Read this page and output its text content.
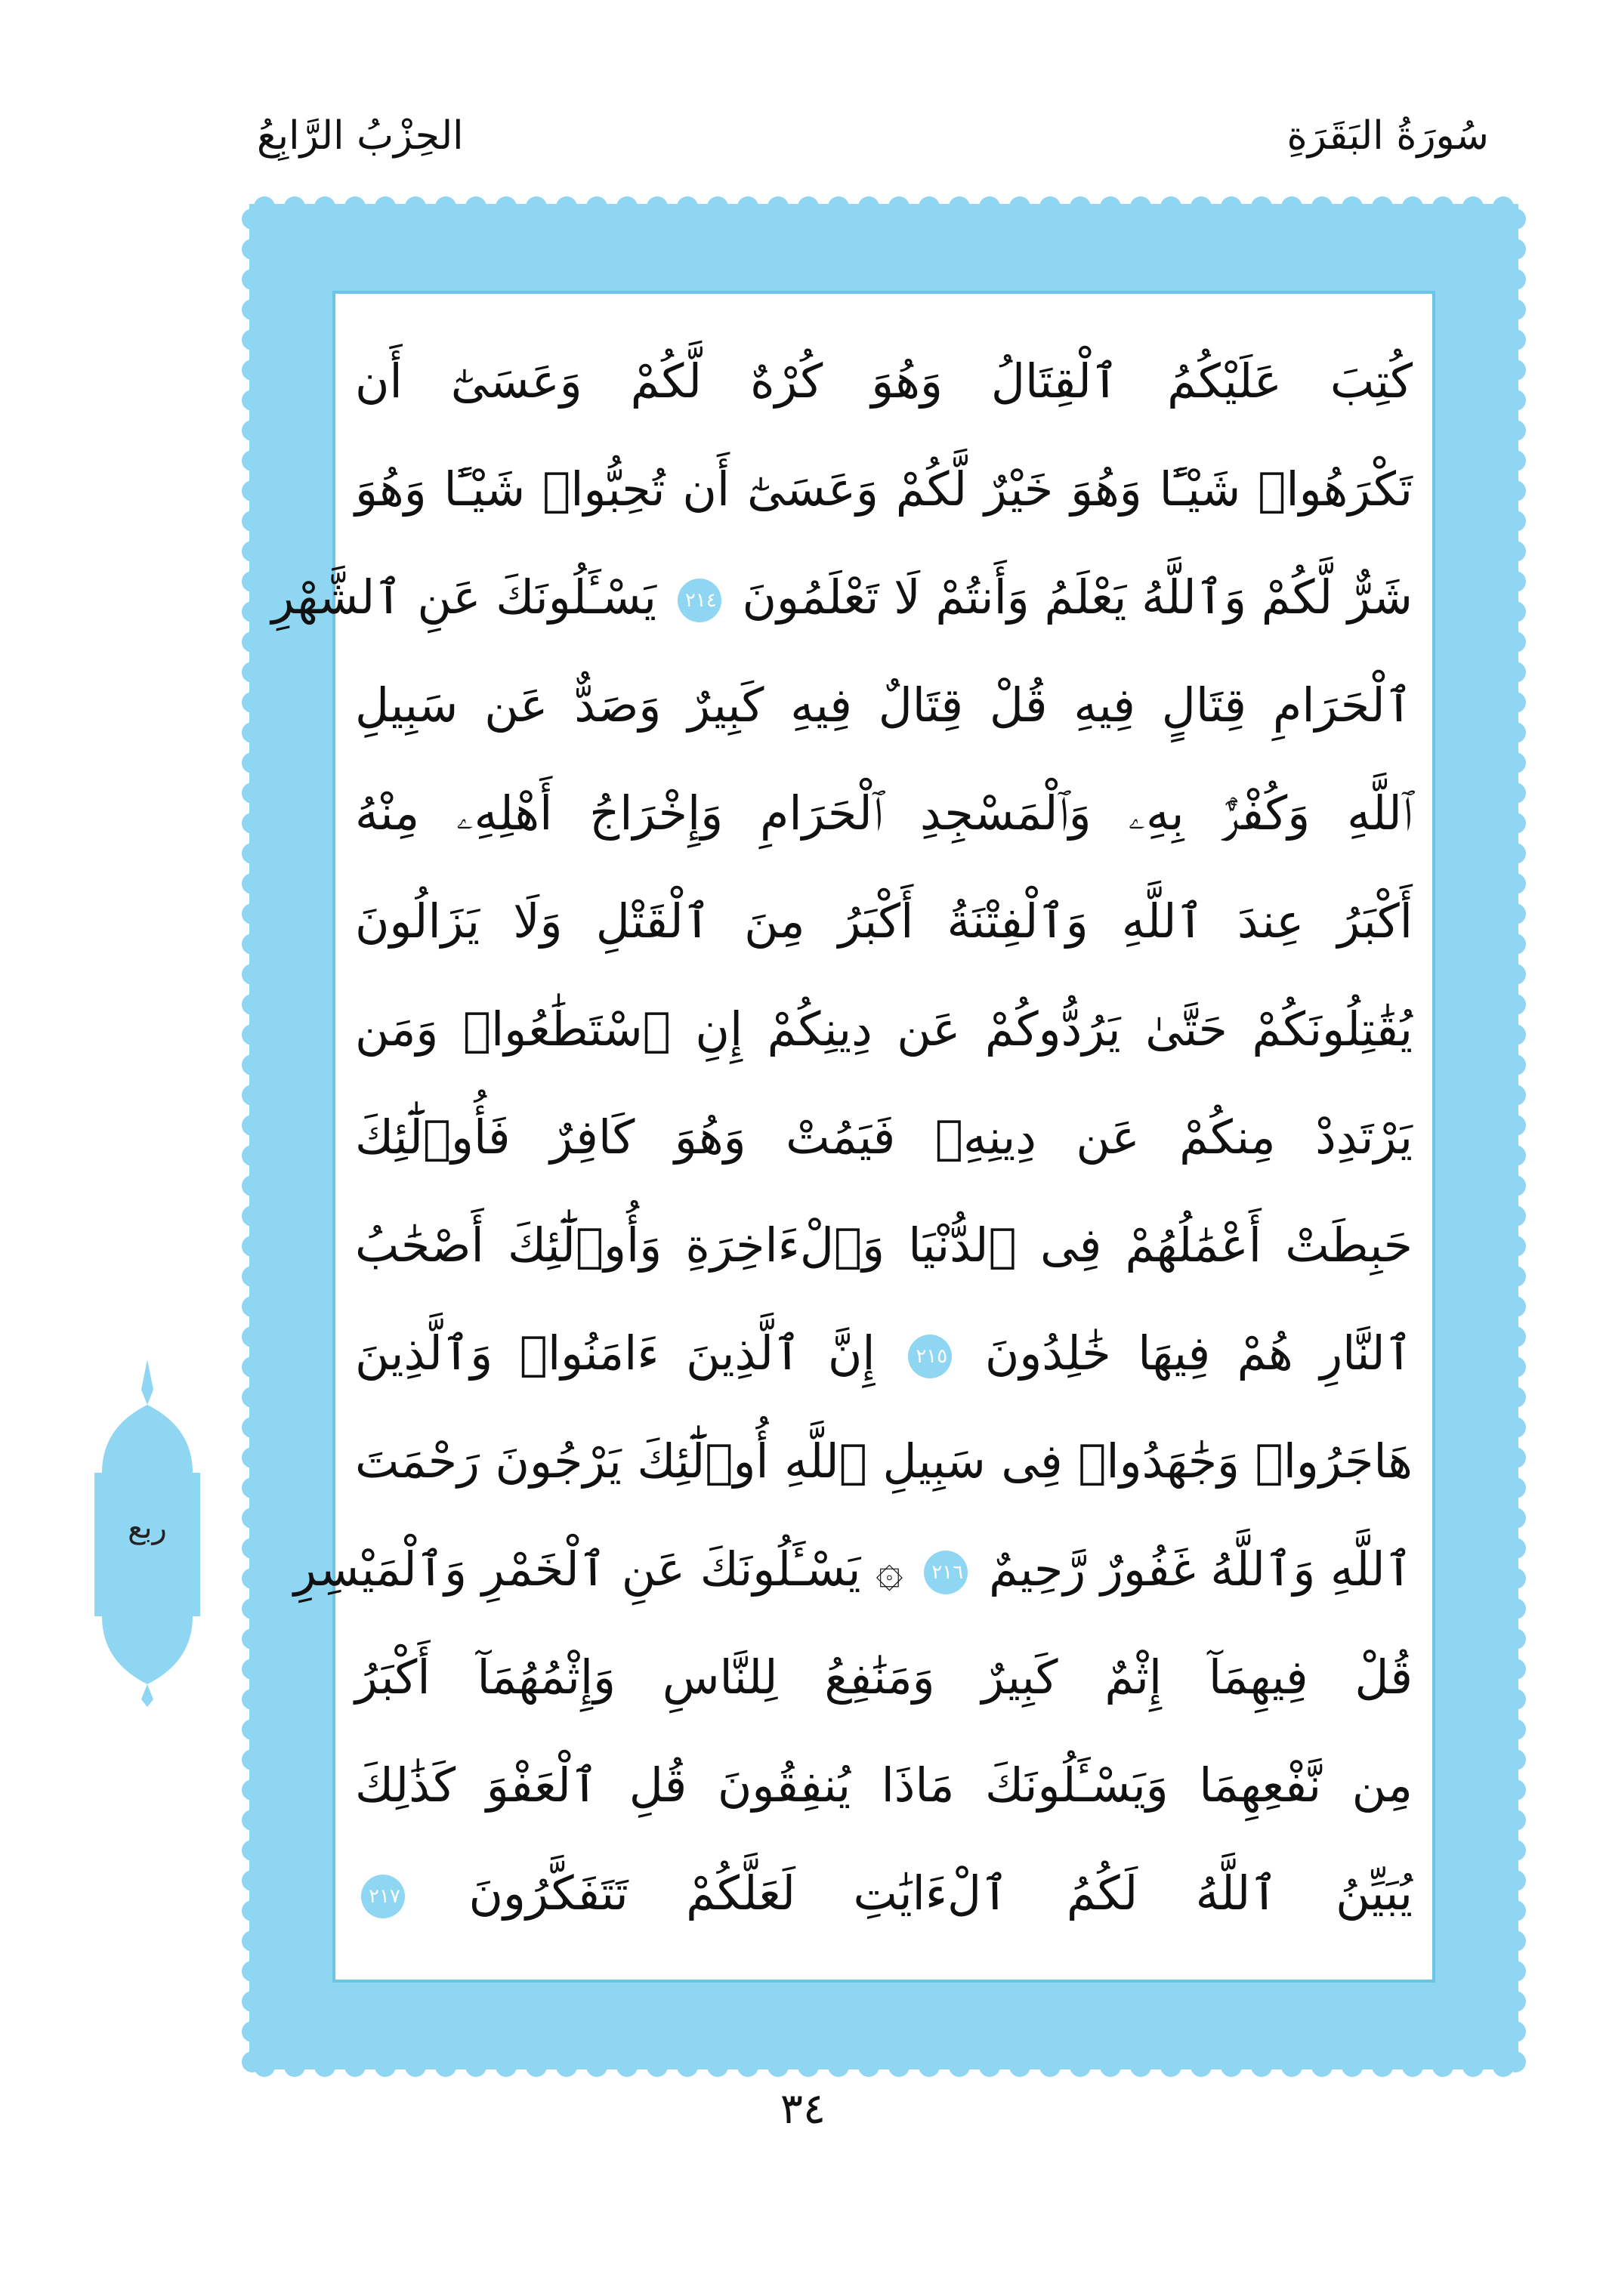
سُورَةُ البَقَرَةِ
الحِزْبُ الرَّابِعُ
كُتِبَ عَلَيْكُمُ ٱلْقِتَالُ وَهُوَ كُرْهٌ لَّكُمْ وَعَسَىٰٓ أَن
تَكْرَهُوا۟ شَيْـًٔا وَهُوَ خَيْرٌ لَّكُمْ وَعَسَىٰٓ أَن تُحِبُّوا۟ شَيْـًٔا وَهُوَ
شَرٌّ لَّكُمْ وَٱللَّهُ يَعْلَمُ وَأَنتُمْ لَا تَعْلَمُونَ ٢١٤ يَسْـَٔلُونَكَ عَنِ ٱلشَّهْرِ
ٱلْحَرَامِ قِتَالٍ فِيهِ قُلْ قِتَالٌ فِيهِ كَبِيرٌ وَصَدٌّ عَن سَبِيلِ
ٱللَّهِ وَكُفْرٌۢ بِهِۦ وَٱلْمَسْجِدِ ٱلْحَرَامِ وَإِخْرَاجُ أَهْلِهِۦ مِنْهُ
أَكْبَرُ عِندَ ٱللَّهِ وَٱلْفِتْنَةُ أَكْبَرُ مِنَ ٱلْقَتْلِ وَلَا يَزَالُونَ
يُقَٰتِلُونَكُمْ حَتَّىٰ يَرُدُّوكُمْ عَن دِينِكُمْ إِنِ ٱسْتَطَٰعُوا۟ وَمَن
يَرْتَدِدْ مِنكُمْ عَن دِينِهِۦ فَيَمُتْ وَهُوَ كَافِرٌ فَأُو۟لَٰٓئِكَ
حَبِطَتْ أَعْمَٰلُهُمْ فِى ٱلدُّنْيَا وَٱلْءَاخِرَةِ وَأُو۟لَٰٓئِكَ أَصْحَٰبُ
ٱلنَّارِ هُمْ فِيهَا خَٰلِدُونَ ٢١٥ إِنَّ ٱلَّذِينَ ءَامَنُوا۟ وَٱلَّذِينَ
هَاجَرُوا۟ وَجَٰهَدُوا۟ فِى سَبِيلِ ٱللَّهِ أُو۟لَٰٓئِكَ يَرْجُونَ رَحْمَتَ
ٱللَّهِ وَٱللَّهُ غَفُورٌ رَّحِيمٌ ٢١٦ ۞ يَسْـَٔلُونَكَ عَنِ ٱلْخَمْرِ وَٱلْمَيْسِرِ
قُلْ فِيهِمَآ إِثْمٌ كَبِيرٌ وَمَنَٰفِعُ لِلنَّاسِ وَإِثْمُهُمَآ أَكْبَرُ
مِن نَّفْعِهِمَا وَيَسْـَٔلُونَكَ مَاذَا يُنفِقُونَ قُلِ ٱلْعَفْوَ كَذَٰلِكَ
يُبَيِّنُ ٱللَّهُ لَكُمُ ٱلْءَايَٰتِ لَعَلَّكُمْ تَتَفَكَّرُونَ ٢١٧
ربع
٣٤
